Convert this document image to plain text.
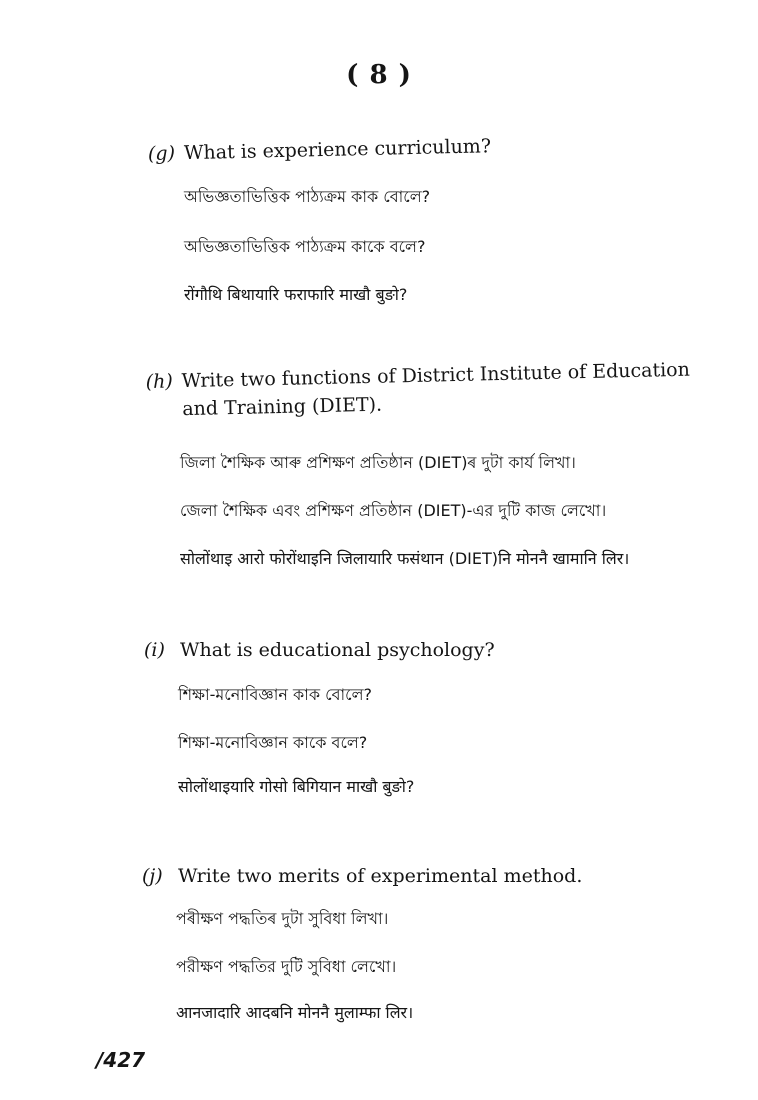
( 8 )
(g) What is experience curriculum?
অভিজ্ঞতাভিত্তিক পাঠ্যক্ৰম কাক বোলে?
অভিজ্ঞতাভিত্তিক পাঠ্যক্রম কাকে বলে?
रोंगौथि बिथायारि फराफारि माखौ बुङो?
(h) Write two functions of District Institute of Education and Training (DIET).
জিলা শৈক্ষিক আৰু প্ৰশিক্ষণ প্ৰতিষ্ঠান (DIET)ৰ দুটা কাৰ্য লিখা।
জেলা শৈক্ষিক এবং প্রশিক্ষণ প্রতিষ্ঠান (DIET)-এর দুটি কাজ লেখো।
सोलोंथाइ आरो फोरोंथाइनि जिलायारि फसंथान (DIET)नि मोननै खामानि लिर।
(i) What is educational psychology?
শিক্ষা-মনোবিজ্ঞান কাক বোলে?
শিক্ষা-মনোবিজ্ঞান কাকে বলে?
सोलोंथाइयारि गोसो बिगियान माखौ बुङो?
(j) Write two merits of experimental method.
পৰীক্ষণ পদ্ধতিৰ দুটা সুবিধা লিখা।
পরীক্ষণ পদ্ধতির দুটি সুবিধা লেখো।
आनजादारि आदबनि मोननै मुलाम्फा लिर।
/427
